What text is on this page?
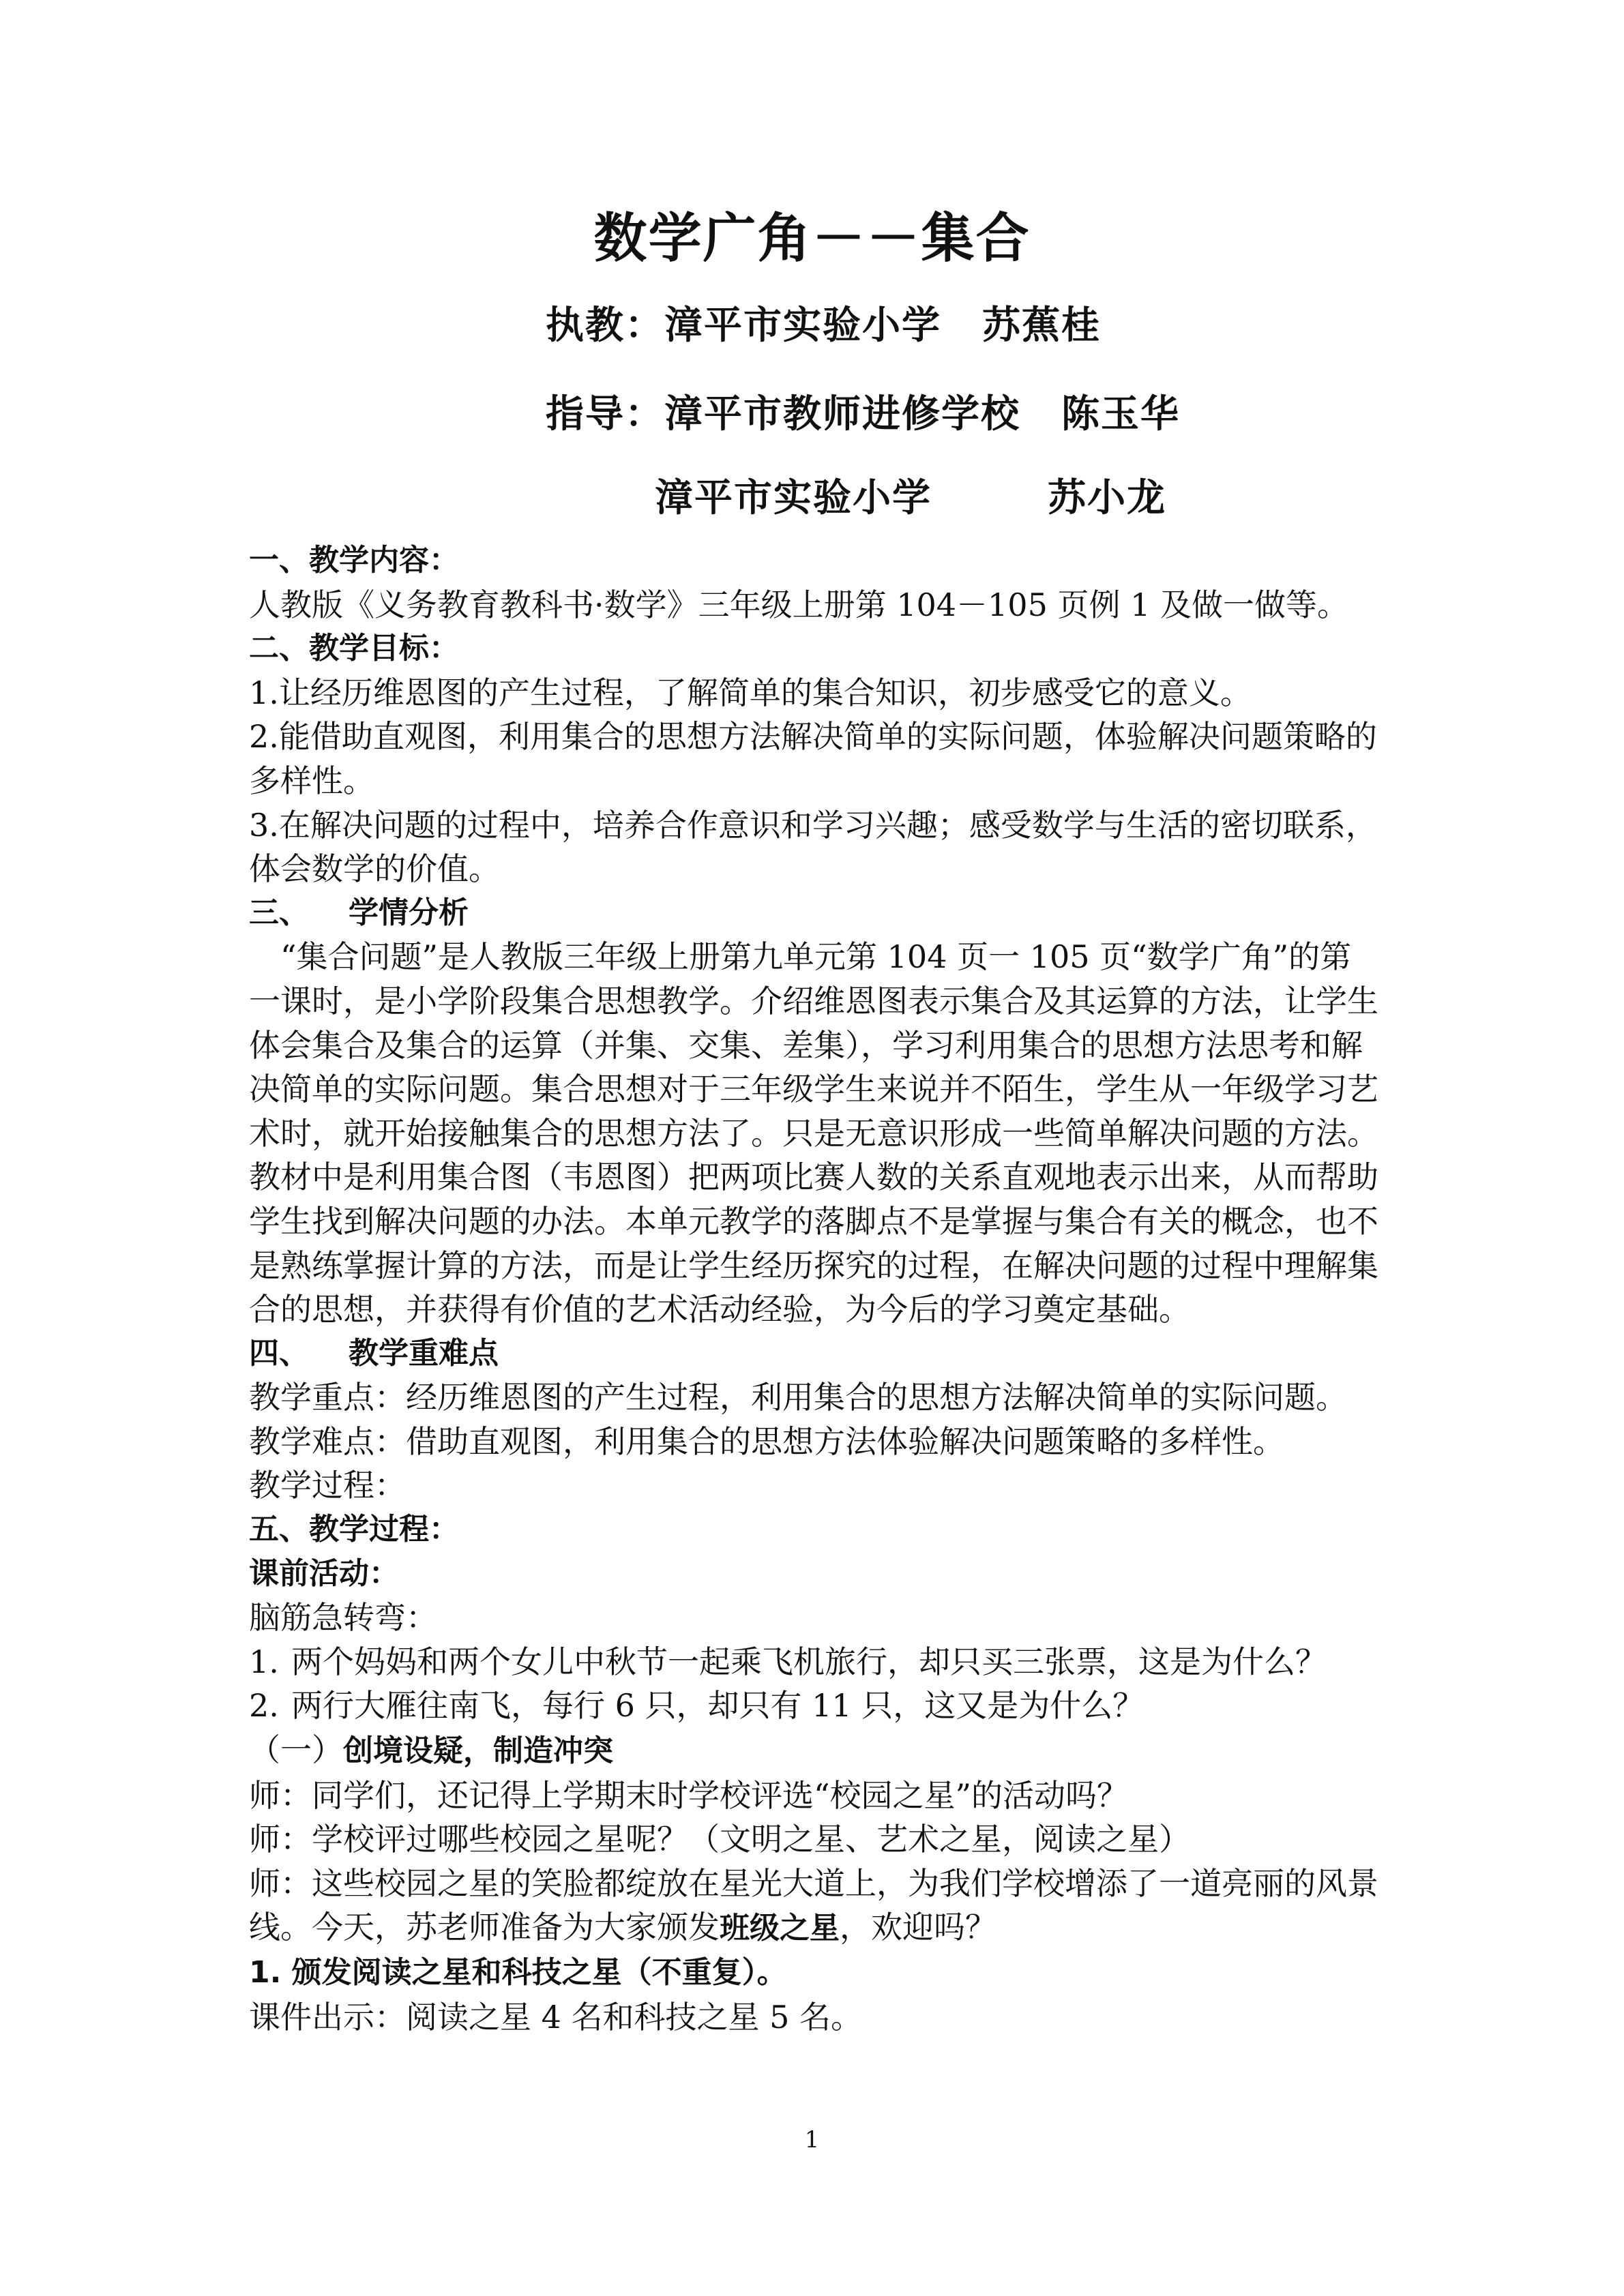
数学广角－－集合
执教：漳平市实验小学 苏蕉桂
指导：漳平市教师进修学校 陈玉华
漳平市实验小学	苏小龙

一、教学内容：

人教版《义务教育教科书·数学》三年级上册第 104－105 页例 1 及做一做等。

二、教学目标：

1.让经历维恩图的产生过程，了解简单的集合知识，初步感受它的意义。

2.能借助直观图，利用集合的思想方法解决简单的实际问题，体验解决问题策略的多样性。

3.在解决问题的过程中，培养合作意识和学习兴趣；感受数学与生活的密切联系，体会数学的价值。

三、 学情分析

“集合问题”是人教版三年级上册第九单元第 104 页一 105 页“数学广角”的第一课时，是小学阶段集合思想教学。介绍维恩图表示集合及其运算的方法，让学生体会集合及集合的运算（并集、交集、差集），学习利用集合的思想方法思考和解决简单的实际问题。集合思想对于三年级学生来说并不陌生，学生从一年级学习艺术时，就开始接触集合的思想方法了。只是无意识形成一些简单解决问题的方法。教材中是利用集合图（韦恩图）把两项比赛人数的关系直观地表示出来，从而帮助学生找到解决问题的办法。本单元教学的落脚点不是掌握与集合有关的概念，也不是熟练掌握计算的方法，而是让学生经历探究的过程，在解决问题的过程中理解集合的思想，并获得有价值的艺术活动经验，为今后的学习奠定基础。

四、 教学重难点

教学重点：经历维恩图的产生过程，利用集合的思想方法解决简单的实际问题。

教学难点：借助直观图，利用集合的思想方法体验解决问题策略的多样性。

教学过程：

五、教学过程：

课前活动：

脑筋急转弯：

1. 两个妈妈和两个女儿中秋节一起乘飞机旅行，却只买三张票，这是为什么？

2. 两行大雁往南飞，每行 6 只，却只有 11 只，这又是为什么？

（一）创境设疑，制造冲突

师：同学们，还记得上学期末时学校评选“校园之星”的活动吗？

师：学校评过哪些校园之星呢？（文明之星、艺术之星，阅读之星）

师：这些校园之星的笑脸都绽放在星光大道上，为我们学校增添了一道亮丽的风景线。今天，苏老师准备为大家颁发班级之星，欢迎吗？

1. 颁发阅读之星和科技之星（不重复）。

课件出示：阅读之星 4 名和科技之星 5 名。

1
